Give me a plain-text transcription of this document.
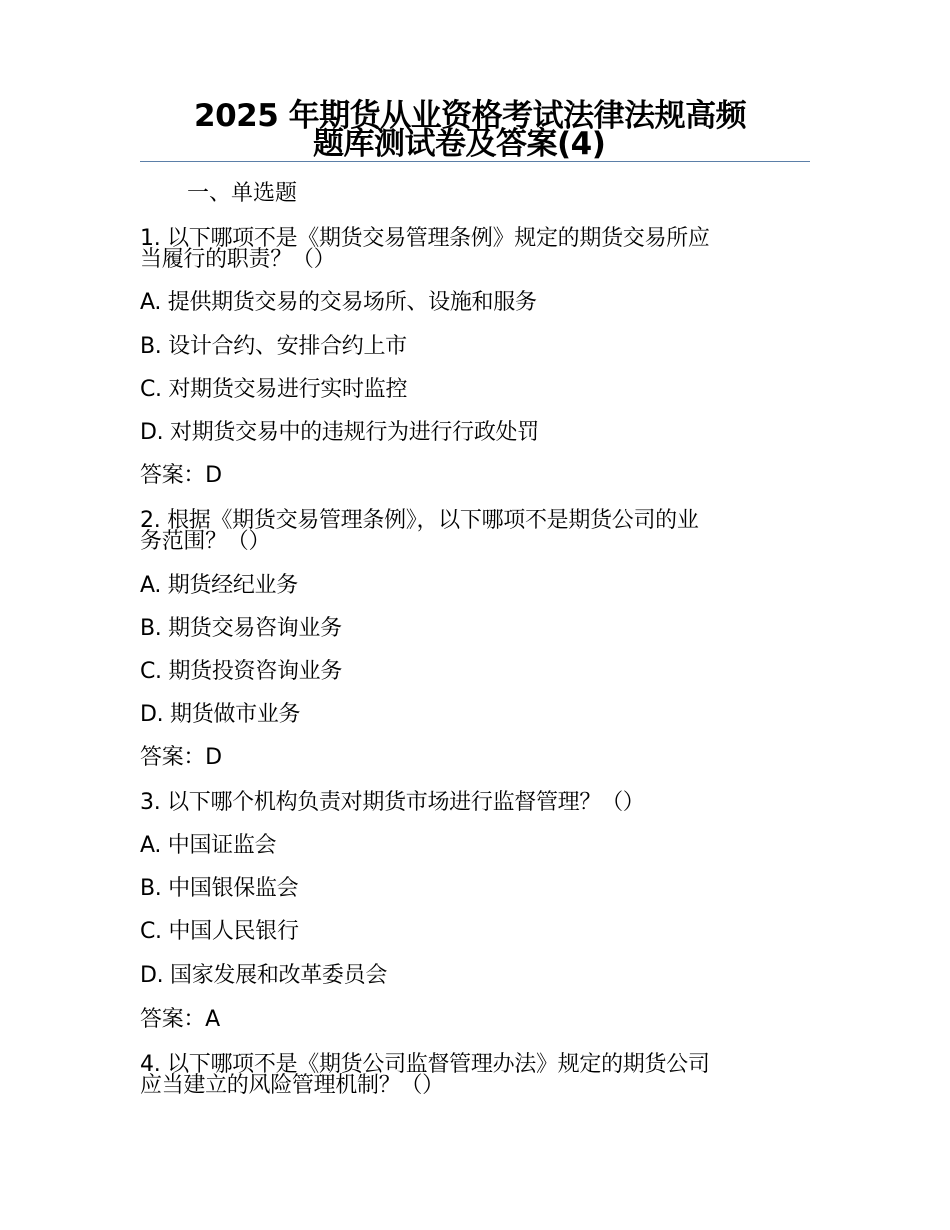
2025 年期货从业资格考试法律法规高频
题库测试卷及答案(4)
一、单选题
1. 以下哪项不是《期货交易管理条例》规定的期货交易所应
当履行的职责？（）
A. 提供期货交易的交易场所、设施和服务
B. 设计合约、安排合约上市
C. 对期货交易进行实时监控
D. 对期货交易中的违规行为进行行政处罚
答案：D
2. 根据《期货交易管理条例》，以下哪项不是期货公司的业
务范围？（）
A. 期货经纪业务
B. 期货交易咨询业务
C. 期货投资咨询业务
D. 期货做市业务
答案：D
3. 以下哪个机构负责对期货市场进行监督管理？（）
A. 中国证监会
B. 中国银保监会
C. 中国人民银行
D. 国家发展和改革委员会
答案：A
4. 以下哪项不是《期货公司监督管理办法》规定的期货公司
应当建立的风险管理机制？（）
